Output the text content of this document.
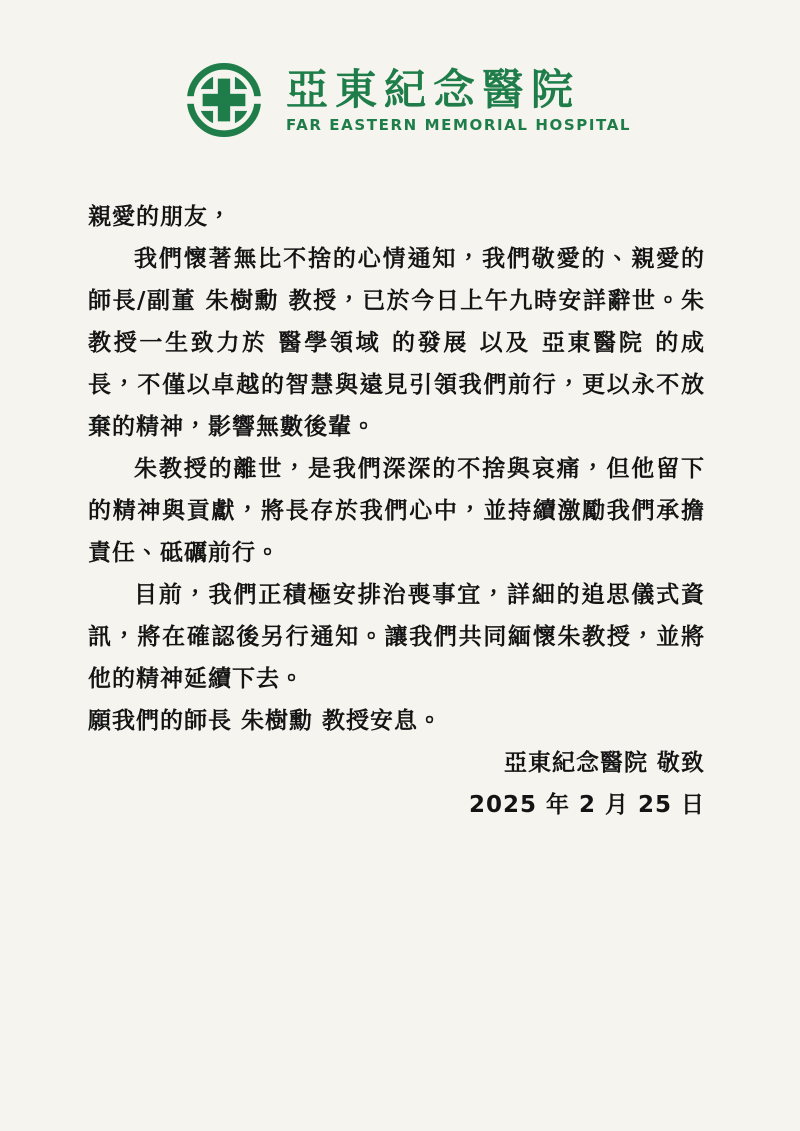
亞東紀念醫院
FAR EASTERN MEMORIAL HOSPITAL

親愛的朋友，

我們懷著無比不捨的心情通知，我們敬愛的、親愛的師長/副董 朱樹勳 教授，已於今日上午九時安詳辭世。朱教授一生致力於 醫學領域 的發展 以及 亞東醫院 的成長，不僅以卓越的智慧與遠見引領我們前行，更以永不放棄的精神，影響無數後輩。

朱教授的離世，是我們深深的不捨與哀痛，但他留下的精神與貢獻，將長存於我們心中，並持續激勵我們承擔責任、砥礪前行。

目前，我們正積極安排治喪事宜，詳細的追思儀式資訊，將在確認後另行通知。讓我們共同緬懷朱教授，並將他的精神延續下去。

願我們的師長 朱樹勳 教授安息。

亞東紀念醫院 敬致

2025 年 2 月 25 日
